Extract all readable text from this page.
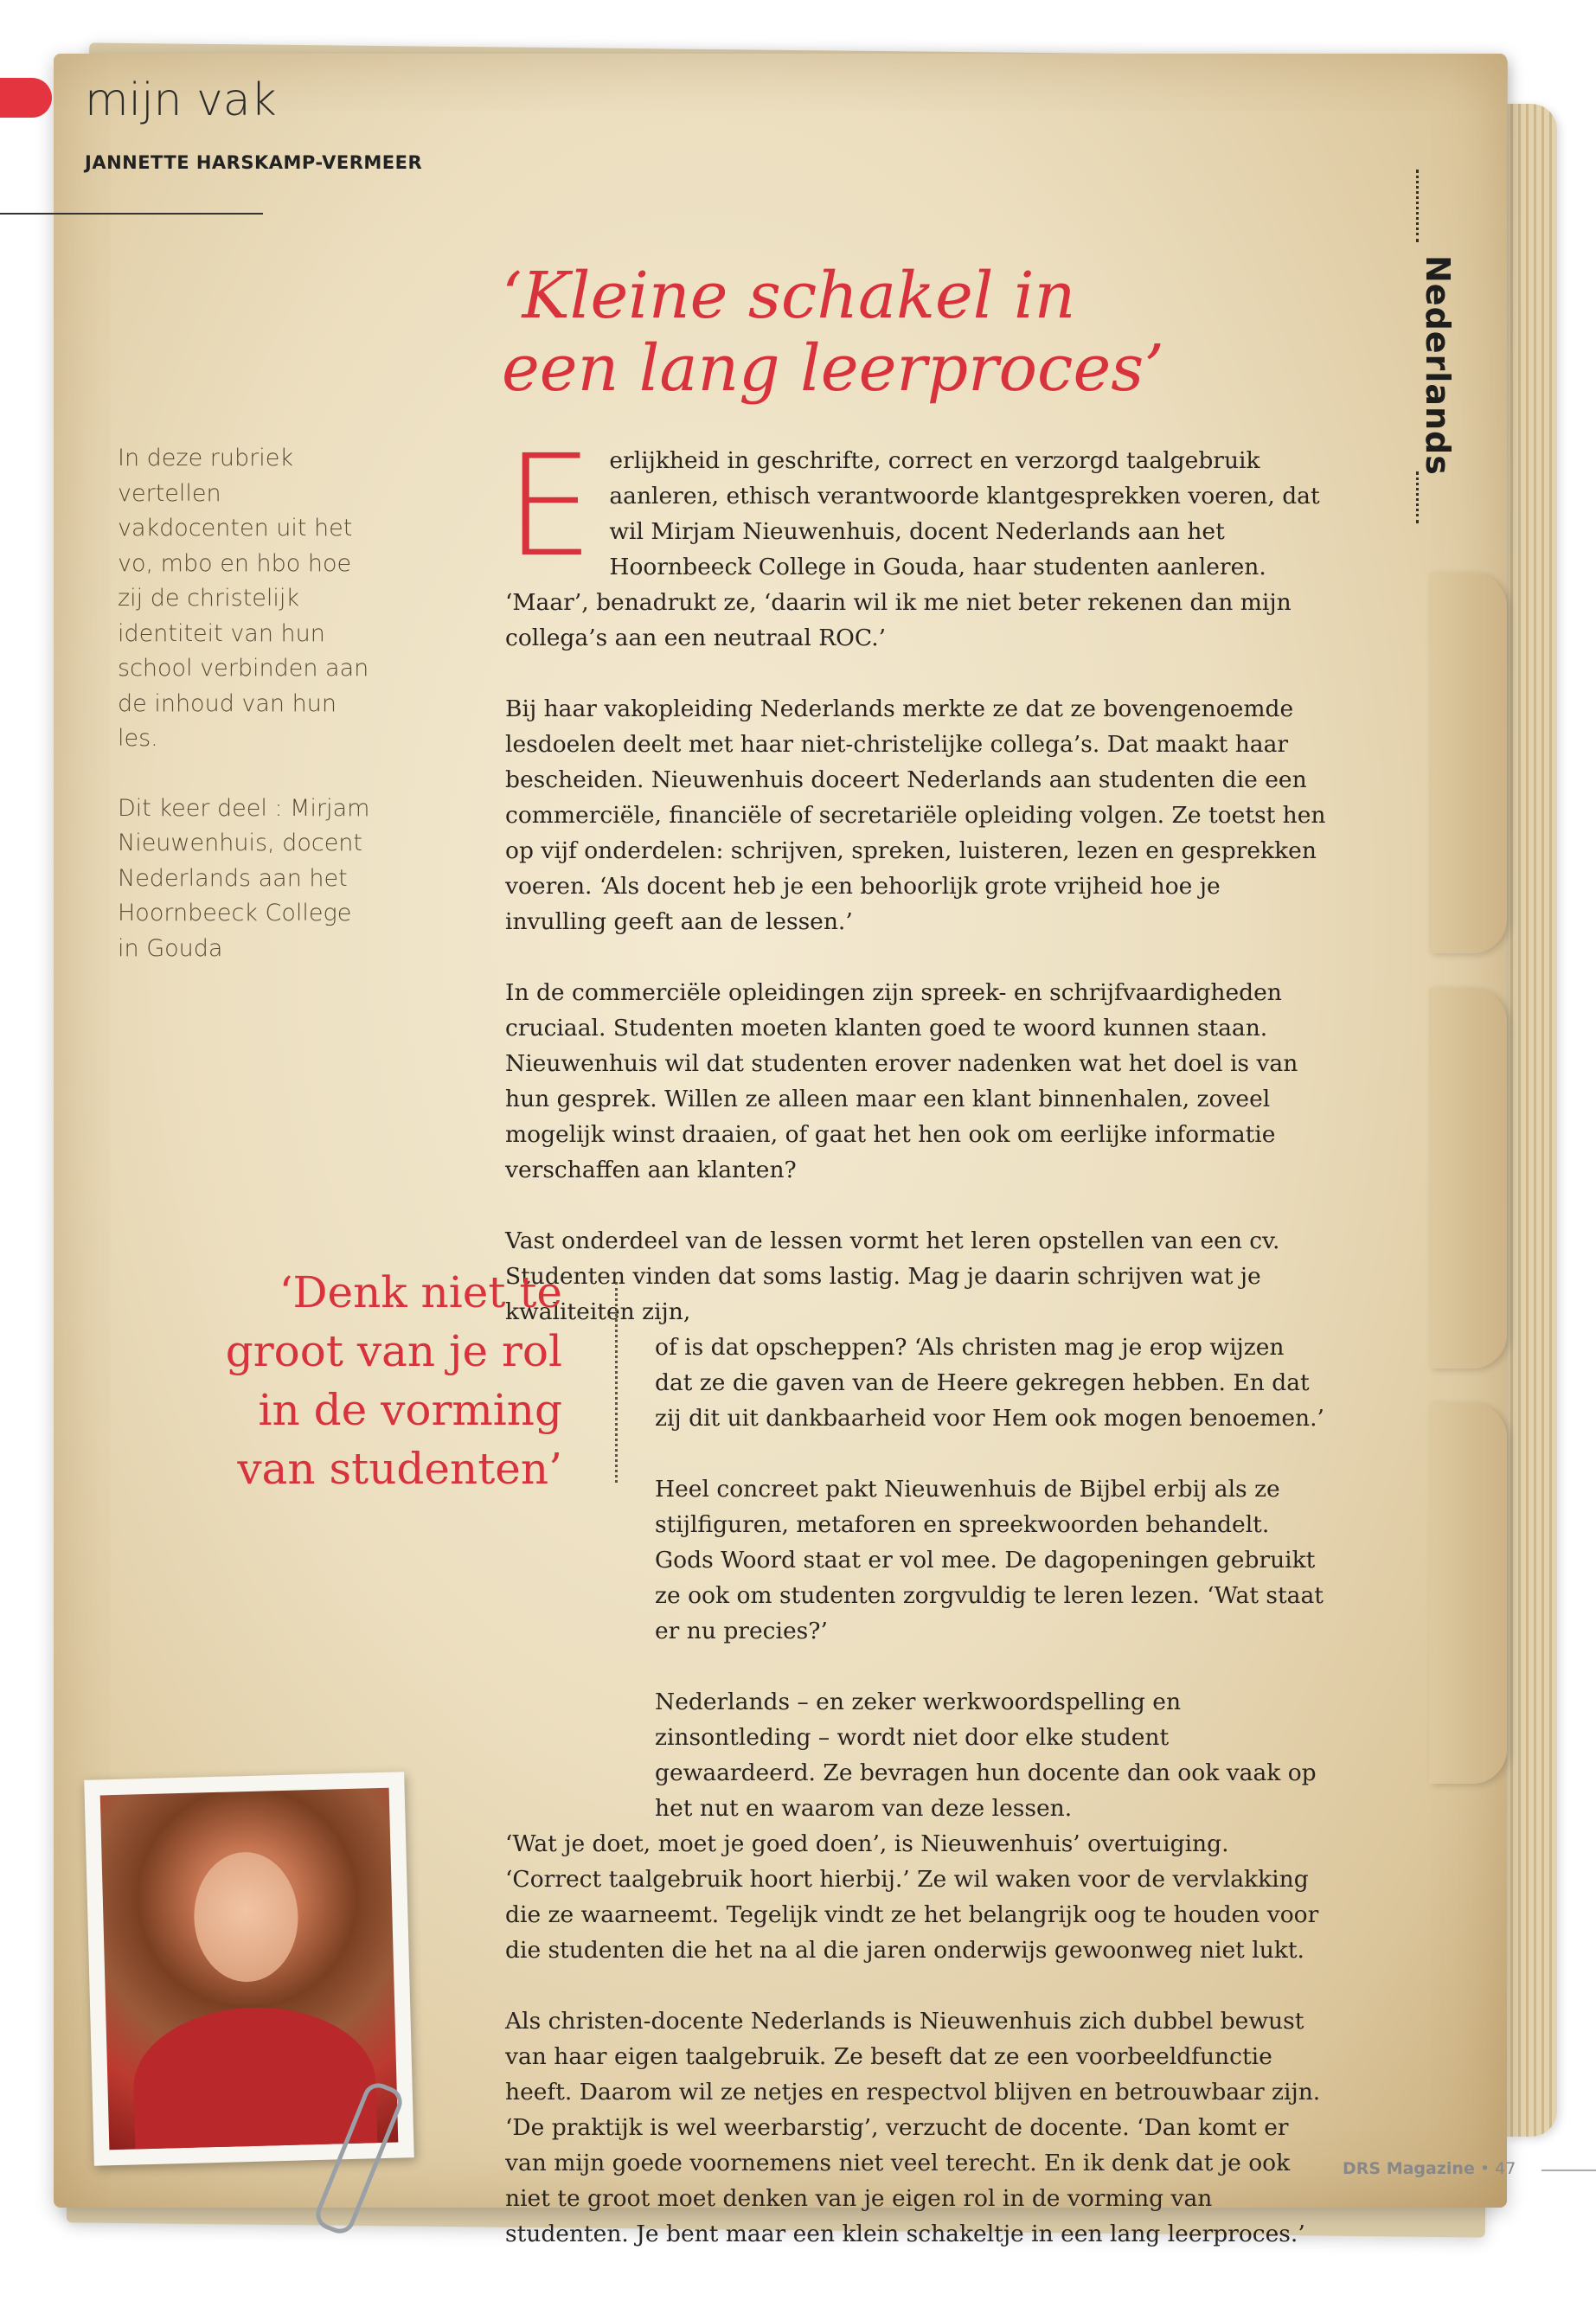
mijn vak
JANNETTE HARSKAMP-VERMEER
Nederlands
‘Kleine schakel in
een lang leerproces’

In deze rubriek vertellen vakdocenten uit het vo, mbo en hbo hoe zij de christelijk identiteit van hun school verbinden aan de inhoud van hun les.

Dit keer deel : Mirjam Nieuwenhuis, docent Nederlands aan het Hoornbeeck College in Gouda

Eerlijkheid in geschrifte, correct en verzorgd taalgebruik aanleren, ethisch verantwoorde klantgesprekken voeren, dat wil Mirjam Nieuwenhuis, docent Nederlands aan het Hoornbeeck College in Gouda, haar studenten aanleren. ‘Maar’, benadrukt ze, ‘daarin wil ik me niet beter rekenen dan mijn collega’s aan een neutraal ROC.’

Bij haar vakopleiding Nederlands merkte ze dat ze bovengenoemde lesdoelen deelt met haar niet-christelijke collega’s. Dat maakt haar bescheiden. Nieuwenhuis doceert Nederlands aan studenten die een commerciële, financiële of secretariële opleiding volgen. Ze toetst hen op vijf onderdelen: schrijven, spreken, luisteren, lezen en gesprekken voeren. ‘Als docent heb je een behoorlijk grote vrijheid hoe je invulling geeft aan de lessen.’

In de commerciële opleidingen zijn spreek- en schrijfvaardigheden cruciaal. Studenten moeten klanten goed te woord kunnen staan. Nieuwenhuis wil dat studenten erover nadenken wat het doel is van hun gesprek. Willen ze alleen maar een klant binnenhalen, zoveel mogelijk winst draaien, of gaat het hen ook om eerlijke informatie verschaffen aan klanten?

Vast onderdeel van de lessen vormt het leren opstellen van een cv. Studenten vinden dat soms lastig. Mag je daarin schrijven wat je kwaliteiten zijn,

of is dat opscheppen? ‘Als christen mag je erop wijzen dat ze die gaven van de Heere gekregen hebben. En dat zij dit uit dankbaarheid voor Hem ook mogen benoemen.’

Heel concreet pakt Nieuwenhuis de Bijbel erbij als ze stijlfiguren, metaforen en spreekwoorden behandelt. Gods Woord staat er vol mee. De dagopeningen gebruikt ze ook om studenten zorgvuldig te leren lezen. ‘Wat staat er nu precies?’

Nederlands – en zeker werkwoordspelling en zinsontleding – wordt niet door elke student gewaardeerd. Ze bevragen hun docente dan ook vaak op het nut en waarom van deze lessen.

‘Wat je doet, moet je goed doen’, is Nieuwenhuis’ overtuiging. ‘Correct taalgebruik hoort hierbij.’ Ze wil waken voor de vervlakking die ze waarneemt. Tegelijk vindt ze het belangrijk oog te houden voor die studenten die het na al die jaren onderwijs gewoonweg niet lukt.

Als christen-docente Nederlands is Nieuwenhuis zich dubbel bewust van haar eigen taalgebruik. Ze beseft dat ze een voorbeeldfunctie heeft. Daarom wil ze netjes en respectvol blijven en betrouwbaar zijn. ‘De praktijk is wel weerbarstig’, verzucht de docente. ‘Dan komt er van mijn goede voornemens niet veel terecht. En ik denk dat je ook niet te groot moet denken van je eigen rol in de vorming van studenten. Je bent maar een klein schakeltje in een lang leerproces.’

‘Denk niet te groot van je rol in de vorming van studenten’
DRS Magazine • 47
